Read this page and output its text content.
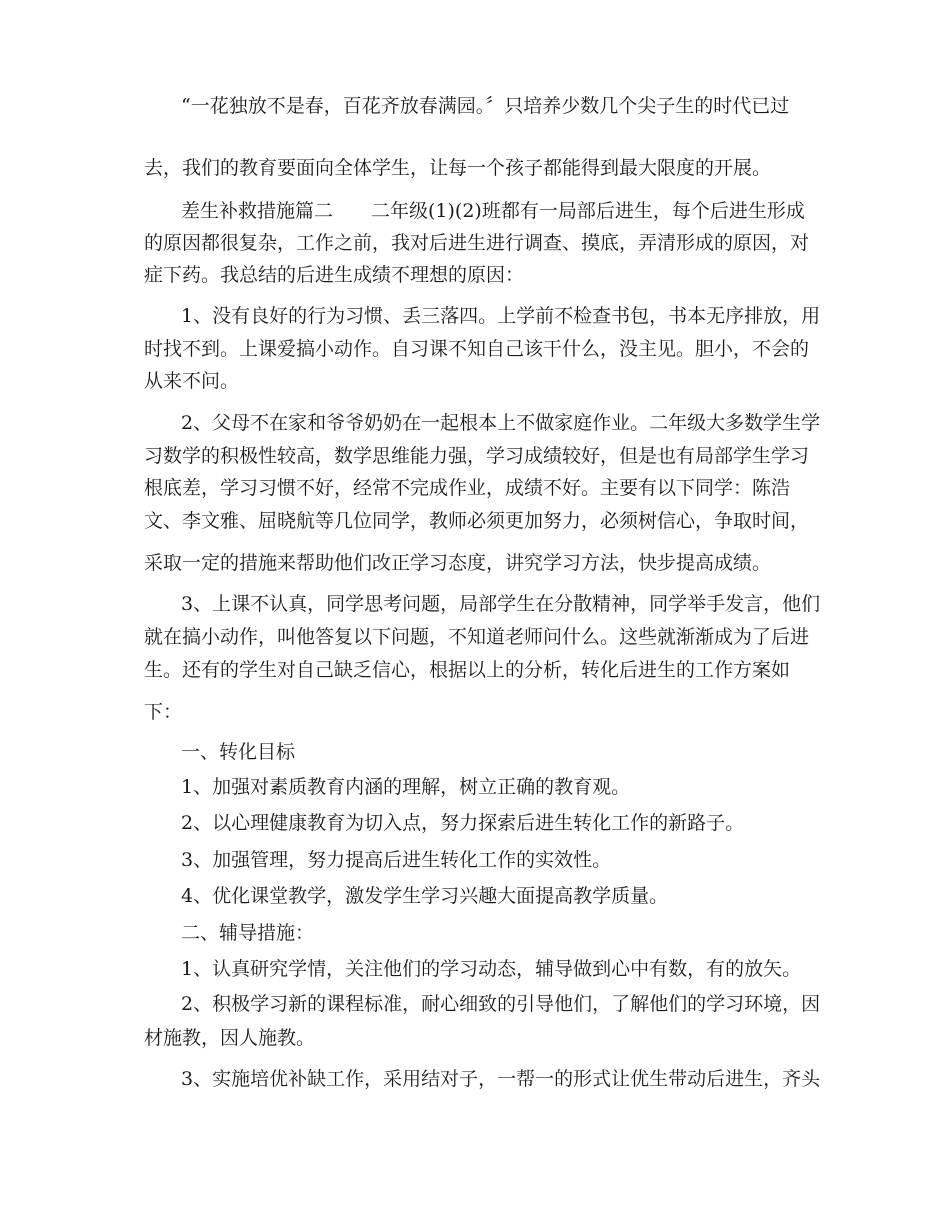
“一花独放不是春，百花齐放春满园。〞只培养少数几个尖子生的时代已过
去，我们的教育要面向全体学生，让每一个孩子都能得到最大限度的开展。
差生补救措施篇二　　二年级(1)(2)班都有一局部后进生，每个后进生形成
的原因都很复杂，工作之前，我对后进生进行调查、摸底，弄清形成的原因，对
症下药。我总结的后进生成绩不理想的原因：
1、没有良好的行为习惯、丢三落四。上学前不检查书包，书本无序排放，用
时找不到。上课爱搞小动作。自习课不知自己该干什么，没主见。胆小，不会的
从来不问。
2、父母不在家和爷爷奶奶在一起根本上不做家庭作业。二年级大多数学生学
习数学的积极性较高，数学思维能力强，学习成绩较好，但是也有局部学生学习
根底差，学习习惯不好，经常不完成作业，成绩不好。主要有以下同学：陈浩
文、李文雅、屈晓航等几位同学，教师必须更加努力，必须树信心，争取时间，
采取一定的措施来帮助他们改正学习态度，讲究学习方法，快步提高成绩。
3、上课不认真，同学思考问题，局部学生在分散精神，同学举手发言，他们
就在搞小动作，叫他答复以下问题，不知道老师问什么。这些就渐渐成为了后进
生。还有的学生对自己缺乏信心，根据以上的分析，转化后进生的工作方案如
下：
一、转化目标
1、加强对素质教育内涵的理解，树立正确的教育观。
2、以心理健康教育为切入点，努力探索后进生转化工作的新路子。
3、加强管理，努力提高后进生转化工作的实效性。
4、优化课堂教学，激发学生学习兴趣大面提高教学质量。
二、辅导措施：
1、认真研究学情，关注他们的学习动态，辅导做到心中有数，有的放矢。
2、积极学习新的课程标准，耐心细致的引导他们，了解他们的学习环境，因
材施教，因人施教。
3、实施培优补缺工作，采用结对子，一帮一的形式让优生带动后进生，齐头
